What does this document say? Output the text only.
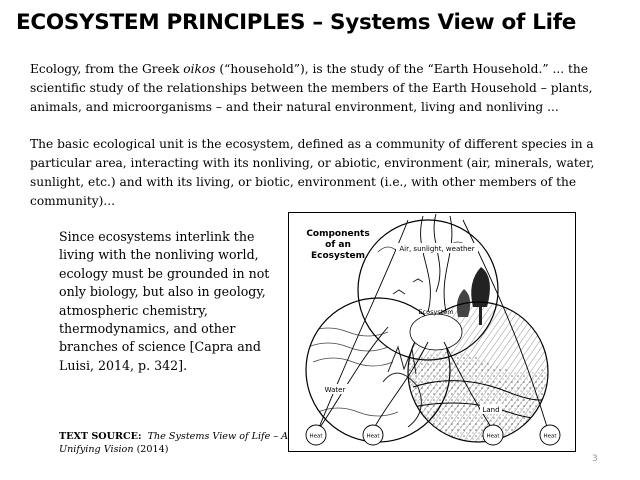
ECOSYSTEM PRINCIPLES – Systems View of Life

Ecology, from the Greek oikos (“household”), is the study of the “Earth Household.” ... the scientific study of the relationships between the members of the Earth Household – plants, animals, and microorganisms – and their natural environment, living and nonliving ...

The basic ecological unit is the ecosystem, defined as a community of different species in a particular area, interacting with its nonliving, or abiotic, environment (air, minerals, water, sunlight, etc.) and with its living, or biotic, environment (i.e., with other members of the community)...

Since ecosystems interlink the living with the nonliving world, ecology must be grounded in not only biology, but also in geology, atmospheric chemistry, thermodynamics, and other branches of science [Capra and Luisi, 2014, p. 342].

TEXT SOURCE: The Systems View of Life – A Unifying Vision (2014)

3
Heat	Heat	Heat	Heat
Components
of an
Ecosystem
Air, sunlight, weather
Ecosystem
Water
Land
